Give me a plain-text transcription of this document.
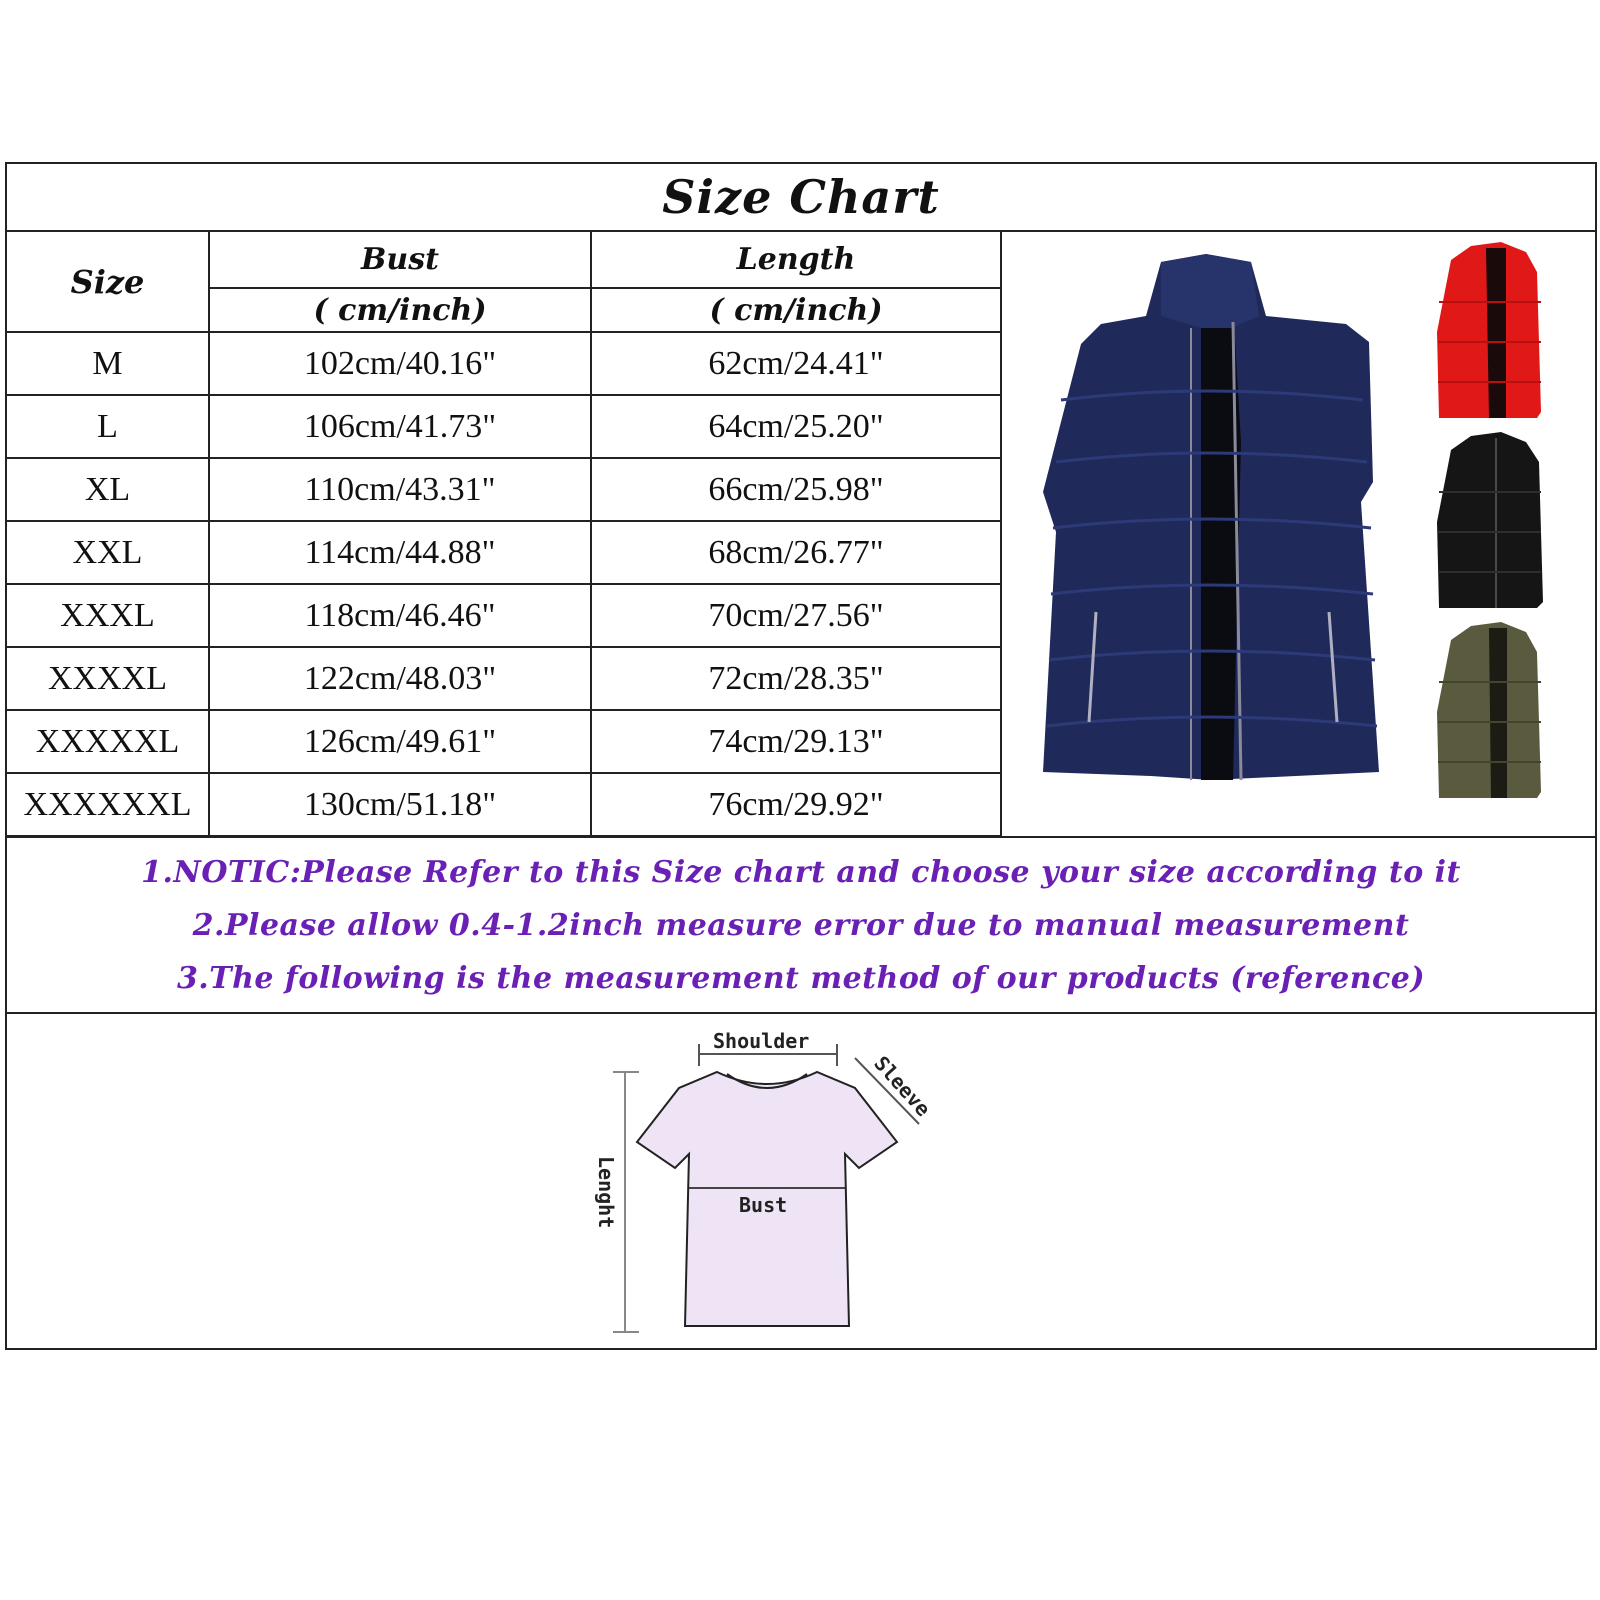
Size Chart
Size	Bust	Length
	( cm/inch)	( cm/inch)
M	102cm/40.16"	62cm/24.41"
L	106cm/41.73"	64cm/25.20"
XL	110cm/43.31"	66cm/25.98"
XXL	114cm/44.88"	68cm/26.77"
XXXL	118cm/46.46"	70cm/27.56"
XXXXL	122cm/48.03"	72cm/28.35"
XXXXXL	126cm/49.61"	74cm/29.13"
XXXXXXL	130cm/51.18"	76cm/29.92"

1.NOTIC:Please Refer to this Size chart and choose your size according to it

2.Please allow 0.4-1.2inch measure error due to manual measurement

3.The following is the measurement method of our products (reference)

Shoulder
Sleeve
Bust
Lenght
